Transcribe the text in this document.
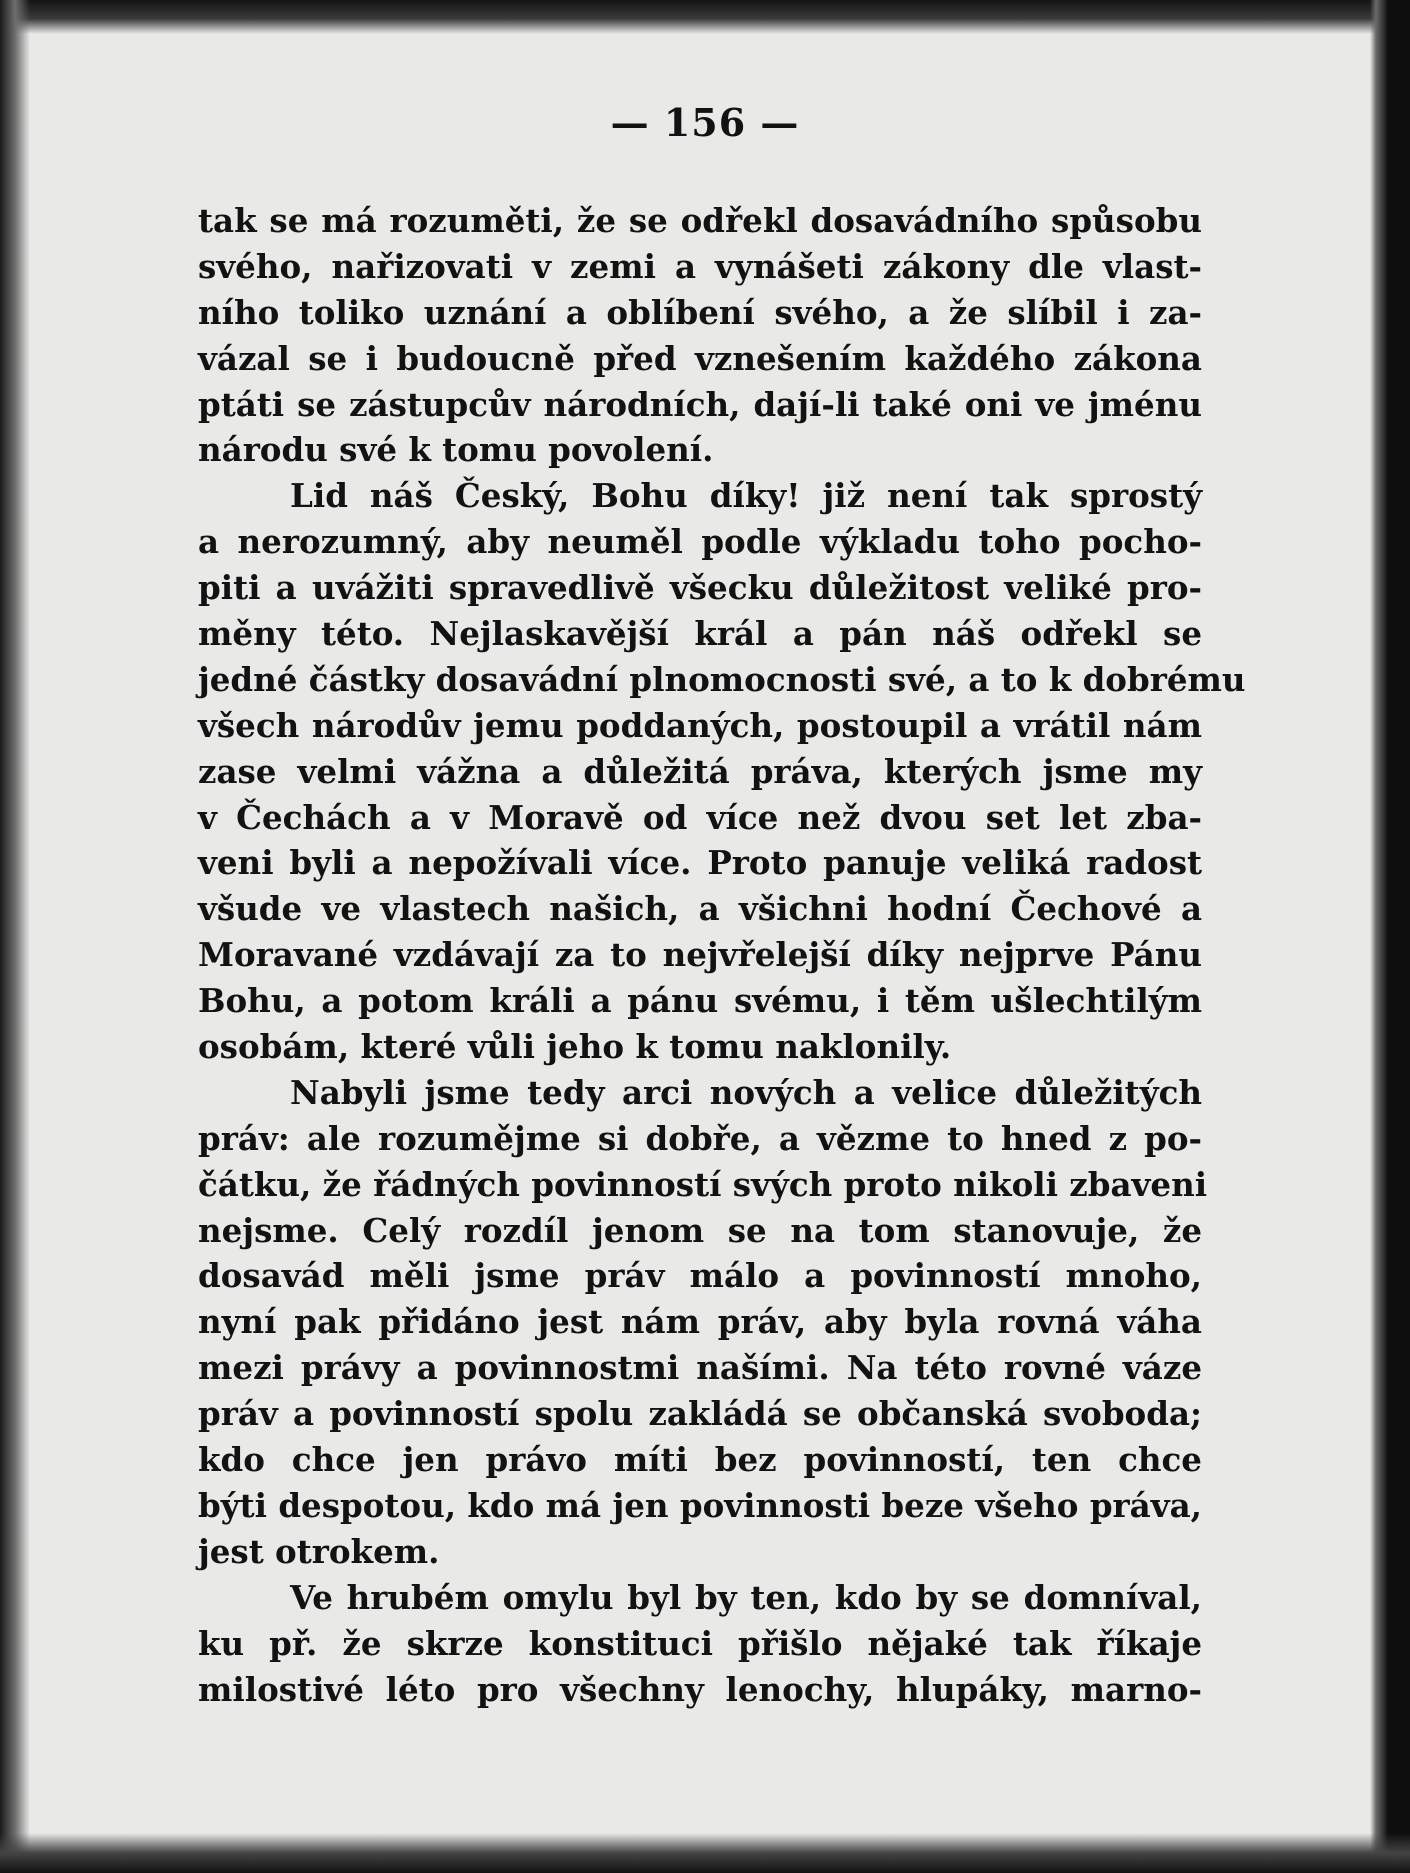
— 156 —
tak se má rozuměti, že se odřekl dosavádního spůsobu
svého, nařizovati v zemi a vynášeti zákony dle vlast-
ního toliko uznání a oblíbení svého, a že slíbil i za-
vázal se i budoucně před vznešením každého zákona
ptáti se zástupcův národních, dají-li také oni ve jménu
národu své k tomu povolení.
Lid náš Český, Bohu díky! již není tak sprostý
a nerozumný, aby neuměl podle výkladu toho pocho-
piti a uvážiti spravedlivě všecku důležitost veliké pro-
měny této. Nejlaskavější král a pán náš odřekl se
jedné částky dosavádní plnomocnosti své, a to k dobrému
všech národův jemu poddaných, postoupil a vrátil nám
zase velmi vážna a důležitá práva, kterých jsme my
v Čechách a v Moravě od více než dvou set let zba-
veni byli a nepožívali více. Proto panuje veliká radost
všude ve vlastech našich, a všichni hodní Čechové a
Moravané vzdávají za to nejvřelejší díky nejprve Pánu
Bohu, a potom králi a pánu svému, i těm ušlechtilým
osobám, které vůli jeho k tomu naklonily.
Nabyli jsme tedy arci nových a velice důležitých
práv: ale rozumějme si dobře, a vězme to hned z po-
čátku, že řádných povinností svých proto nikoli zbaveni
nejsme. Celý rozdíl jenom se na tom stanovuje, že
dosavád měli jsme práv málo a povinností mnoho,
nyní pak přidáno jest nám práv, aby byla rovná váha
mezi právy a povinnostmi našími. Na této rovné váze
práv a povinností spolu zakládá se občanská svoboda;
kdo chce jen právo míti bez povinností, ten chce
býti despotou, kdo má jen povinnosti beze všeho práva,
jest otrokem.
Ve hrubém omylu byl by ten, kdo by se domníval,
ku př. že skrze konstituci přišlo nějaké tak říkaje
milostivé léto pro všechny lenochy, hlupáky, marno-
